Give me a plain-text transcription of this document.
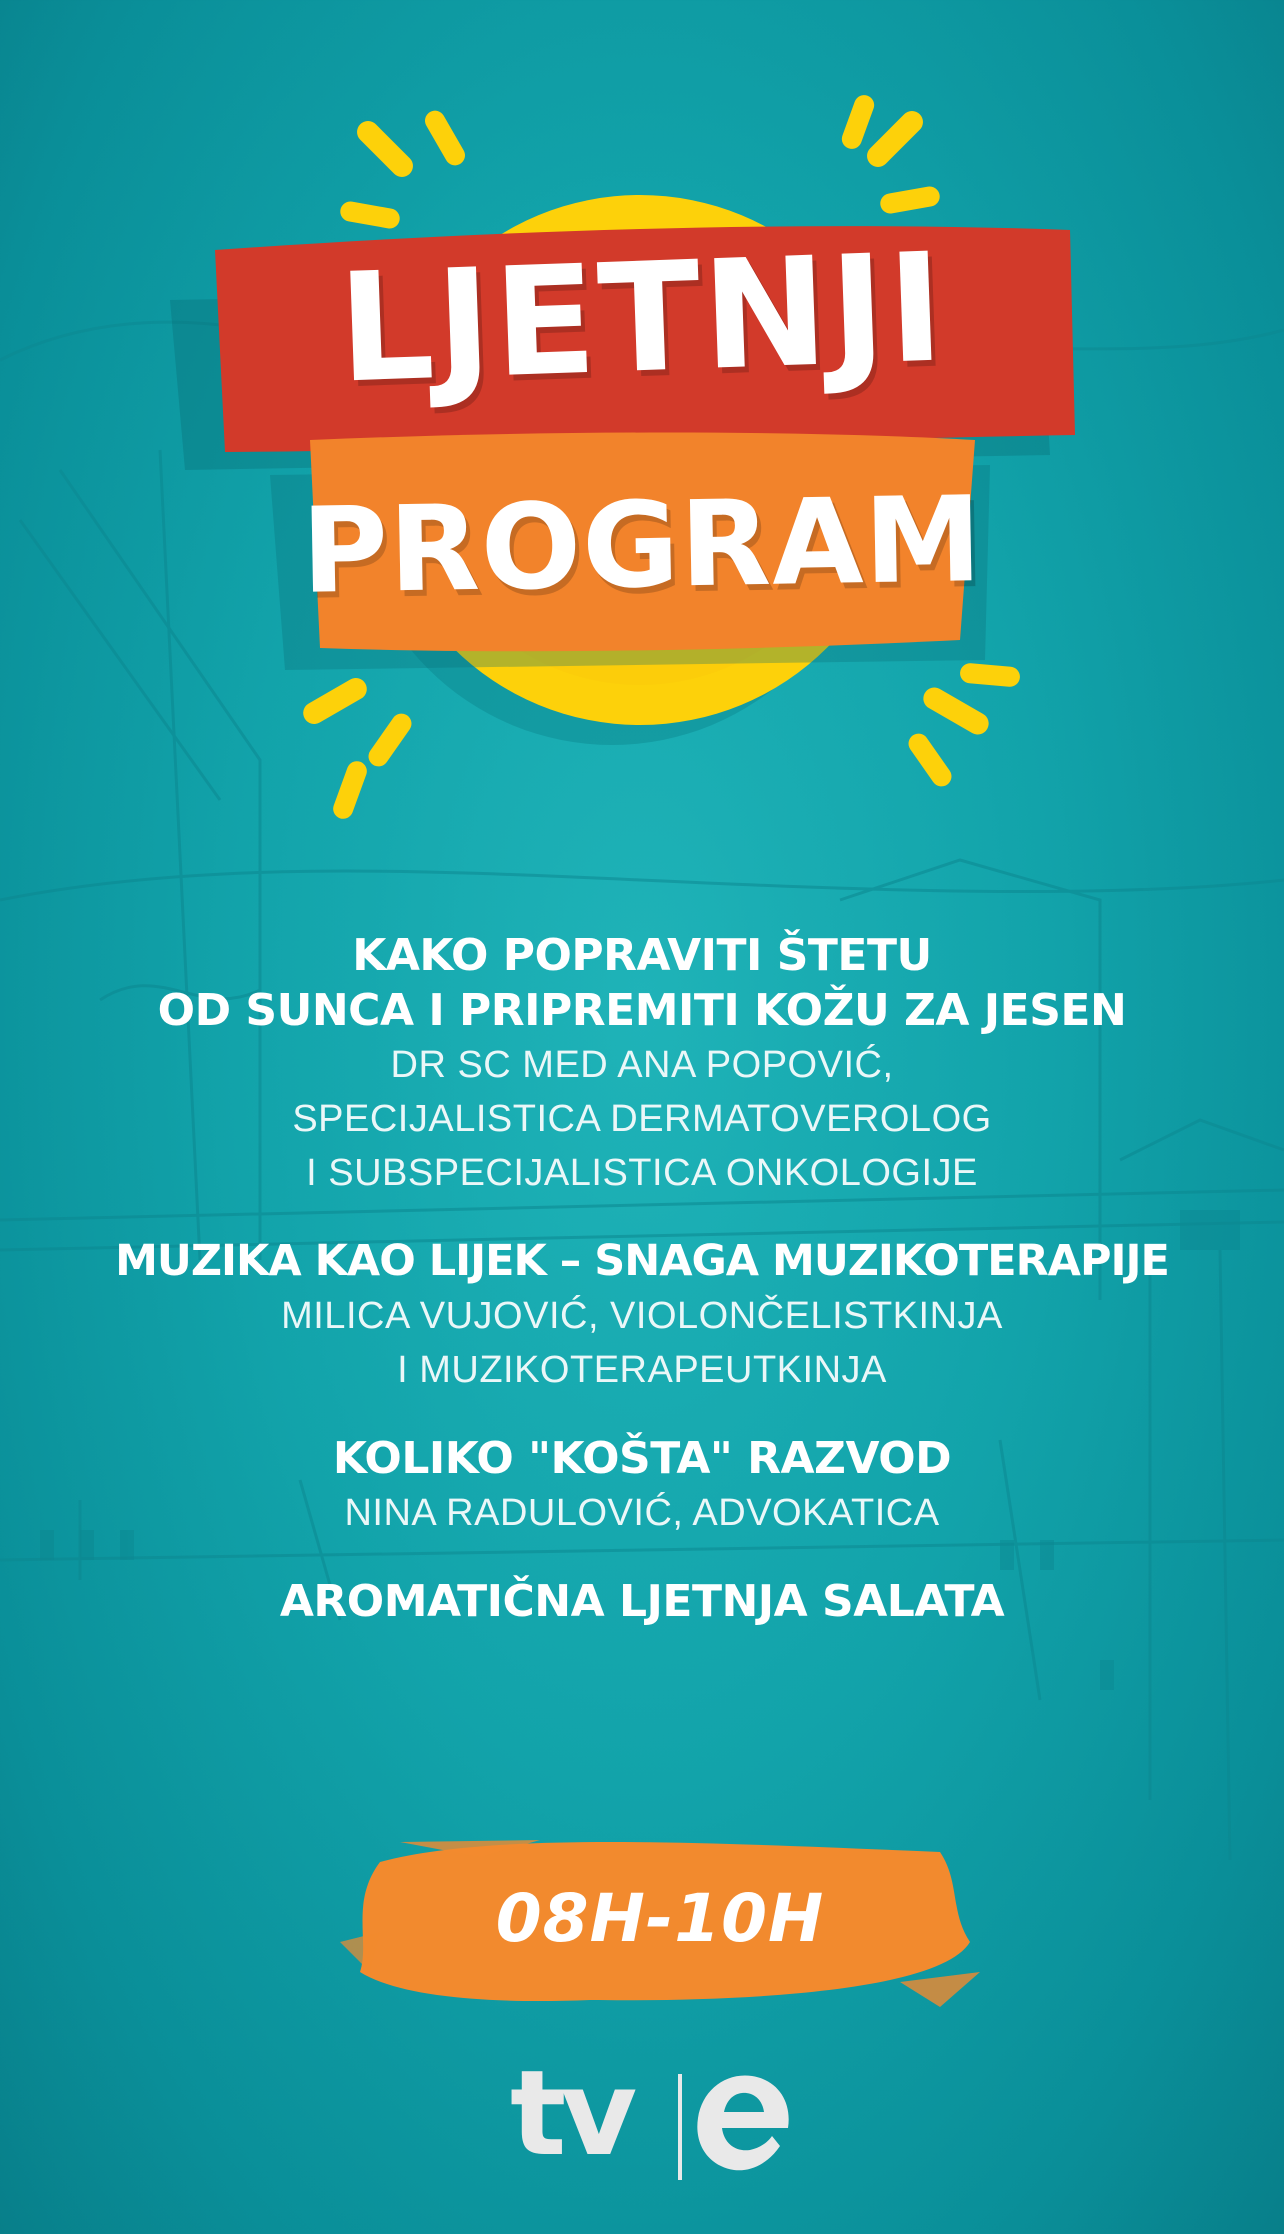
LJETNJI
PROGRAM
KAKO POPRAVITI ŠTETU
OD SUNCA I PRIPREMITI KOŽU ZA JESEN
DR SC MED ANA POPOVIĆ,
SPECIJALISTICA DERMATOVEROLOG
I SUBSPECIJALISTICA ONKOLOGIJE
MUZIKA KAO LIJEK – SNAGA MUZIKOTERAPIJE
MILICA VUJOVIĆ, VIOLONČELISTKINJA
I MUZIKOTERAPEUTKINJA
KOLIKO "KOŠTA" RAZVOD
NINA RADULOVIĆ, ADVOKATICA
AROMATIČNA LJETNJA SALATA
08H-10H
tv
